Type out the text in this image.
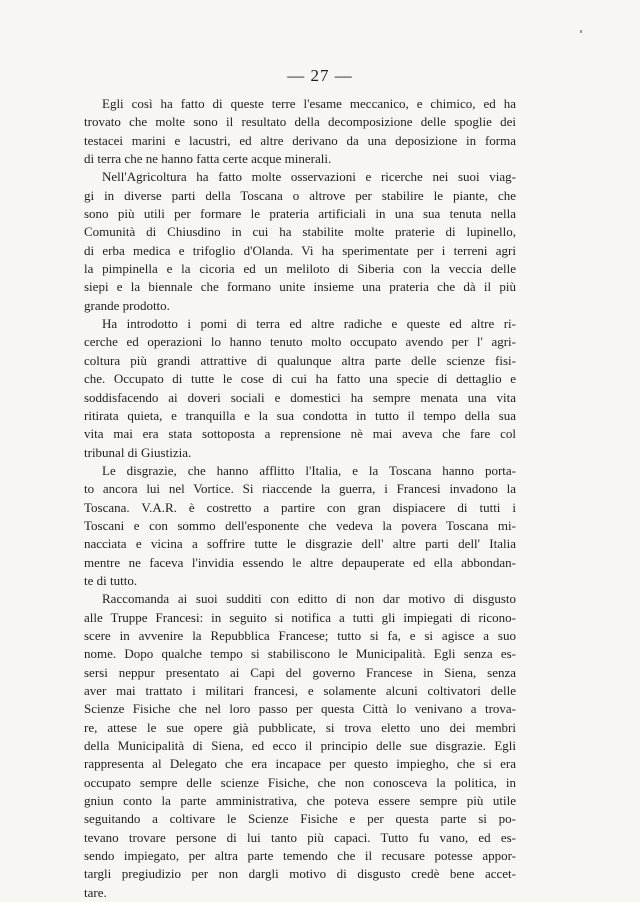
— 27 —
Egli così ha fatto di queste terre l'esame meccanico, e chimico, ed ha
trovato che molte sono il resultato della decomposizione delle spoglie dei
testacei marini e lacustri, ed altre derivano da una deposizione in forma
di terra che ne hanno fatta certe acque minerali.
Nell'Agricoltura ha fatto molte osservazioni e ricerche nei suoi viag-
gi in diverse parti della Toscana o altrove per stabilire le piante, che
sono più utili per formare le prateria artificiali in una sua tenuta nella
Comunità di Chiusdino in cui ha stabilite molte praterie di lupinello,
di erba medica e trifoglio d'Olanda. Vi ha sperimentate per i terreni agri
la pimpinella e la cicoria ed un meliloto di Siberia con la veccia delle
siepi e la biennale che formano unite insieme una prateria che dà il più
grande prodotto.
Ha introdotto i pomi di terra ed altre radiche e queste ed altre ri-
cerche ed operazioni lo hanno tenuto molto occupato avendo per l' agri-
coltura più grandi attrattive di qualunque altra parte delle scienze fisi-
che. Occupato di tutte le cose di cui ha fatto una specie di dettaglio e
soddisfacendo ai doveri sociali e domestici ha sempre menata una vita
ritirata quieta, e tranquilla e la sua condotta in tutto il tempo della sua
vita mai era stata sottoposta a reprensione nè mai aveva che fare col
tribunal di Giustizia.
Le disgrazie, che hanno afflitto l'Italia, e la Toscana hanno porta-
to ancora lui nel Vortice. Si riaccende la guerra, i Francesi invadono la
Toscana. V.A.R. è costretto a partire con gran dispiacere di tutti i
Toscani e con sommo dell'esponente che vedeva la povera Toscana mi-
nacciata e vicina a soffrire tutte le disgrazie dell' altre parti dell' Italia
mentre ne faceva l'invidia essendo le altre depauperate ed ella abbondan-
te di tutto.
Raccomanda ai suoi sudditi con editto di non dar motivo di disgusto
alle Truppe Francesi: in seguito si notifica a tutti gli impiegati di ricono-
scere in avvenire la Repubblica Francese; tutto si fa, e si agisce a suo
nome. Dopo qualche tempo si stabiliscono le Municipalità. Egli senza es-
sersi neppur presentato ai Capi del governo Francese in Siena, senza
aver mai trattato i militari francesi, e solamente alcuni coltivatori delle
Scienze Fisiche che nel loro passo per questa Città lo venivano a trova-
re, attese le sue opere già pubblicate, si trova eletto uno dei membri
della Municipalità di Siena, ed ecco il principio delle sue disgrazie. Egli
rappresenta al Delegato che era incapace per questo impiegho, che si era
occupato sempre delle scienze Fisiche, che non conosceva la politica, in
gniun conto la parte amministrativa, che poteva essere sempre più utile
seguitando a coltivare le Scienze Fisiche e per questa parte si po-
tevano trovare persone di lui tanto più capaci. Tutto fu vano, ed es-
sendo impiegato, per altra parte temendo che il recusare potesse appor-
targli pregiudizio per non dargli motivo di disgusto credè bene accet-
tare.
